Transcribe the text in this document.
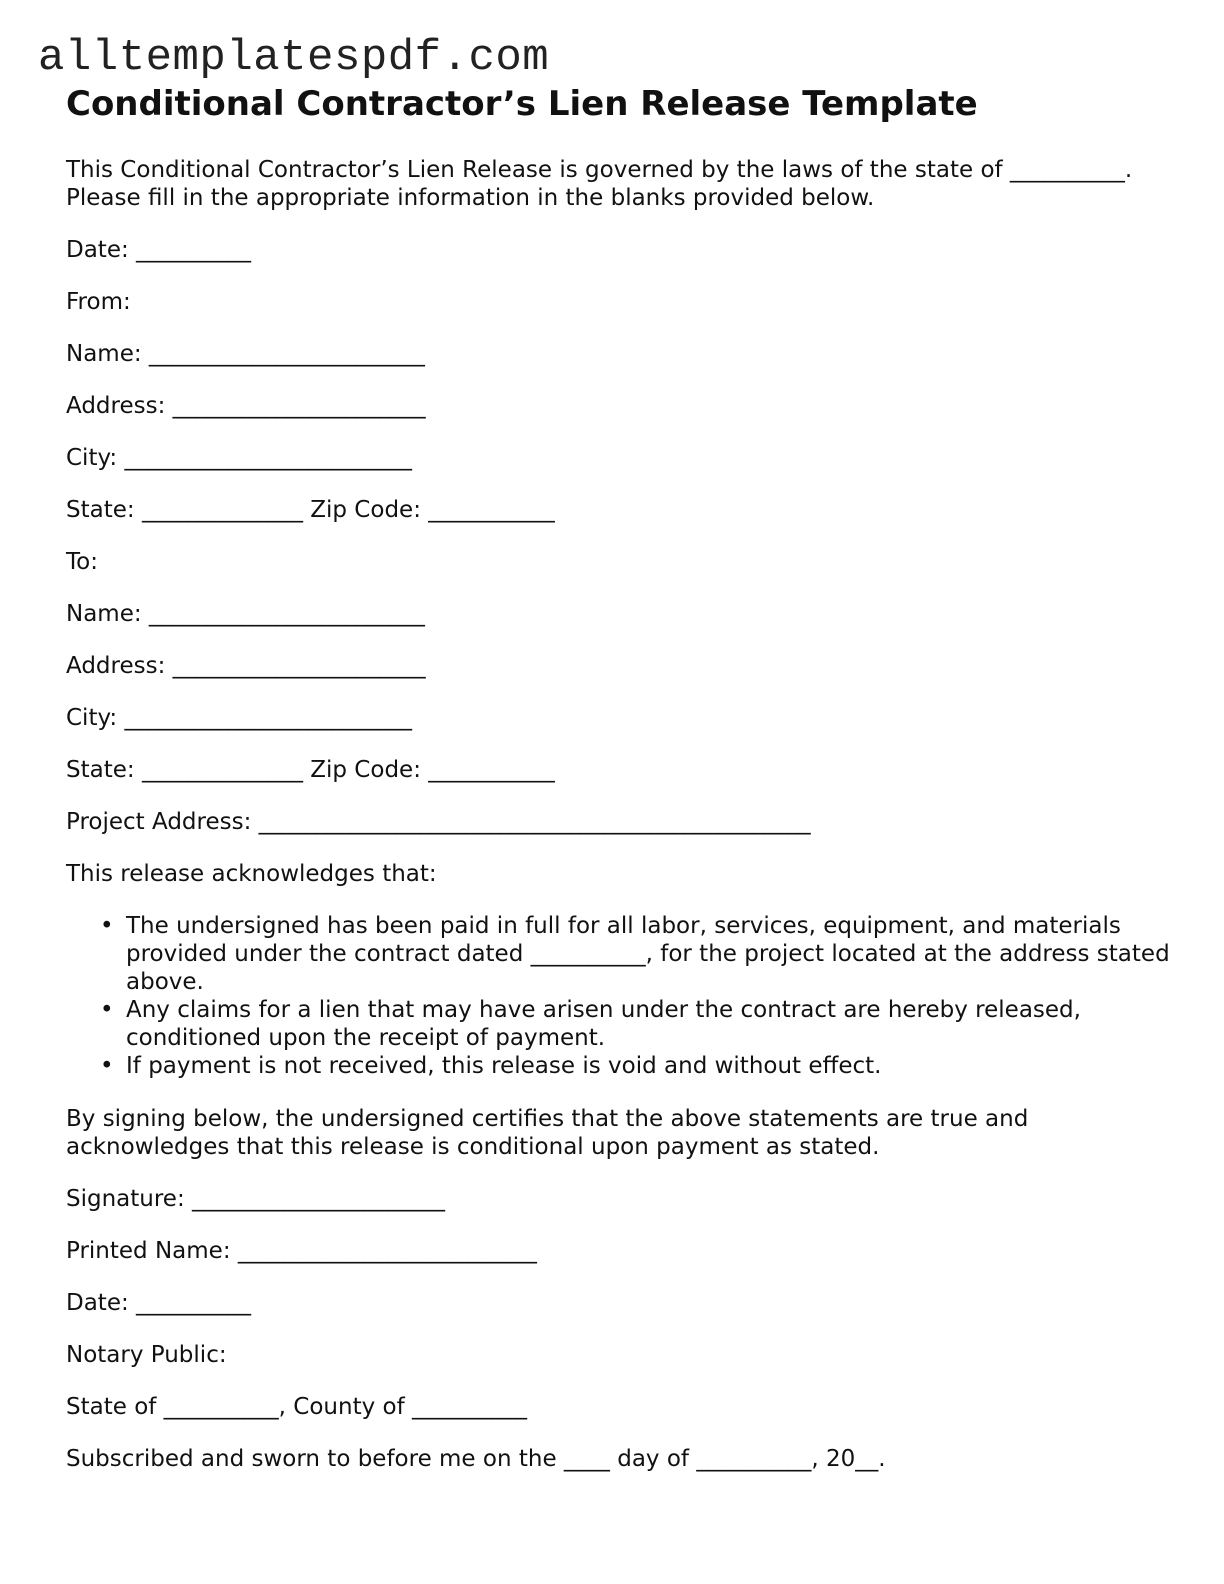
alltemplatespdf.com
Conditional Contractor’s Lien Release Template

This Conditional Contractor’s Lien Release is governed by the laws of the state of __________. Please fill in the appropriate information in the blanks provided below.

Date: __________

From:

Name: ________________________

Address: ______________________

City: _________________________

State: ______________ Zip Code: ___________

To:

Name: ________________________

Address: ______________________

City: _________________________

State: ______________ Zip Code: ___________

Project Address: ________________________________________________

This release acknowledges that:

• The undersigned has been paid in full for all labor, services, equipment, and materials provided under the contract dated __________, for the project located at the address stated above.
• Any claims for a lien that may have arisen under the contract are hereby released, conditioned upon the receipt of payment.
• If payment is not received, this release is void and without effect.

By signing below, the undersigned certifies that the above statements are true and acknowledges that this release is conditional upon payment as stated.

Signature: ______________________

Printed Name: __________________________

Date: __________

Notary Public:

State of __________, County of __________

Subscribed and sworn to before me on the ____ day of __________, 20__.
